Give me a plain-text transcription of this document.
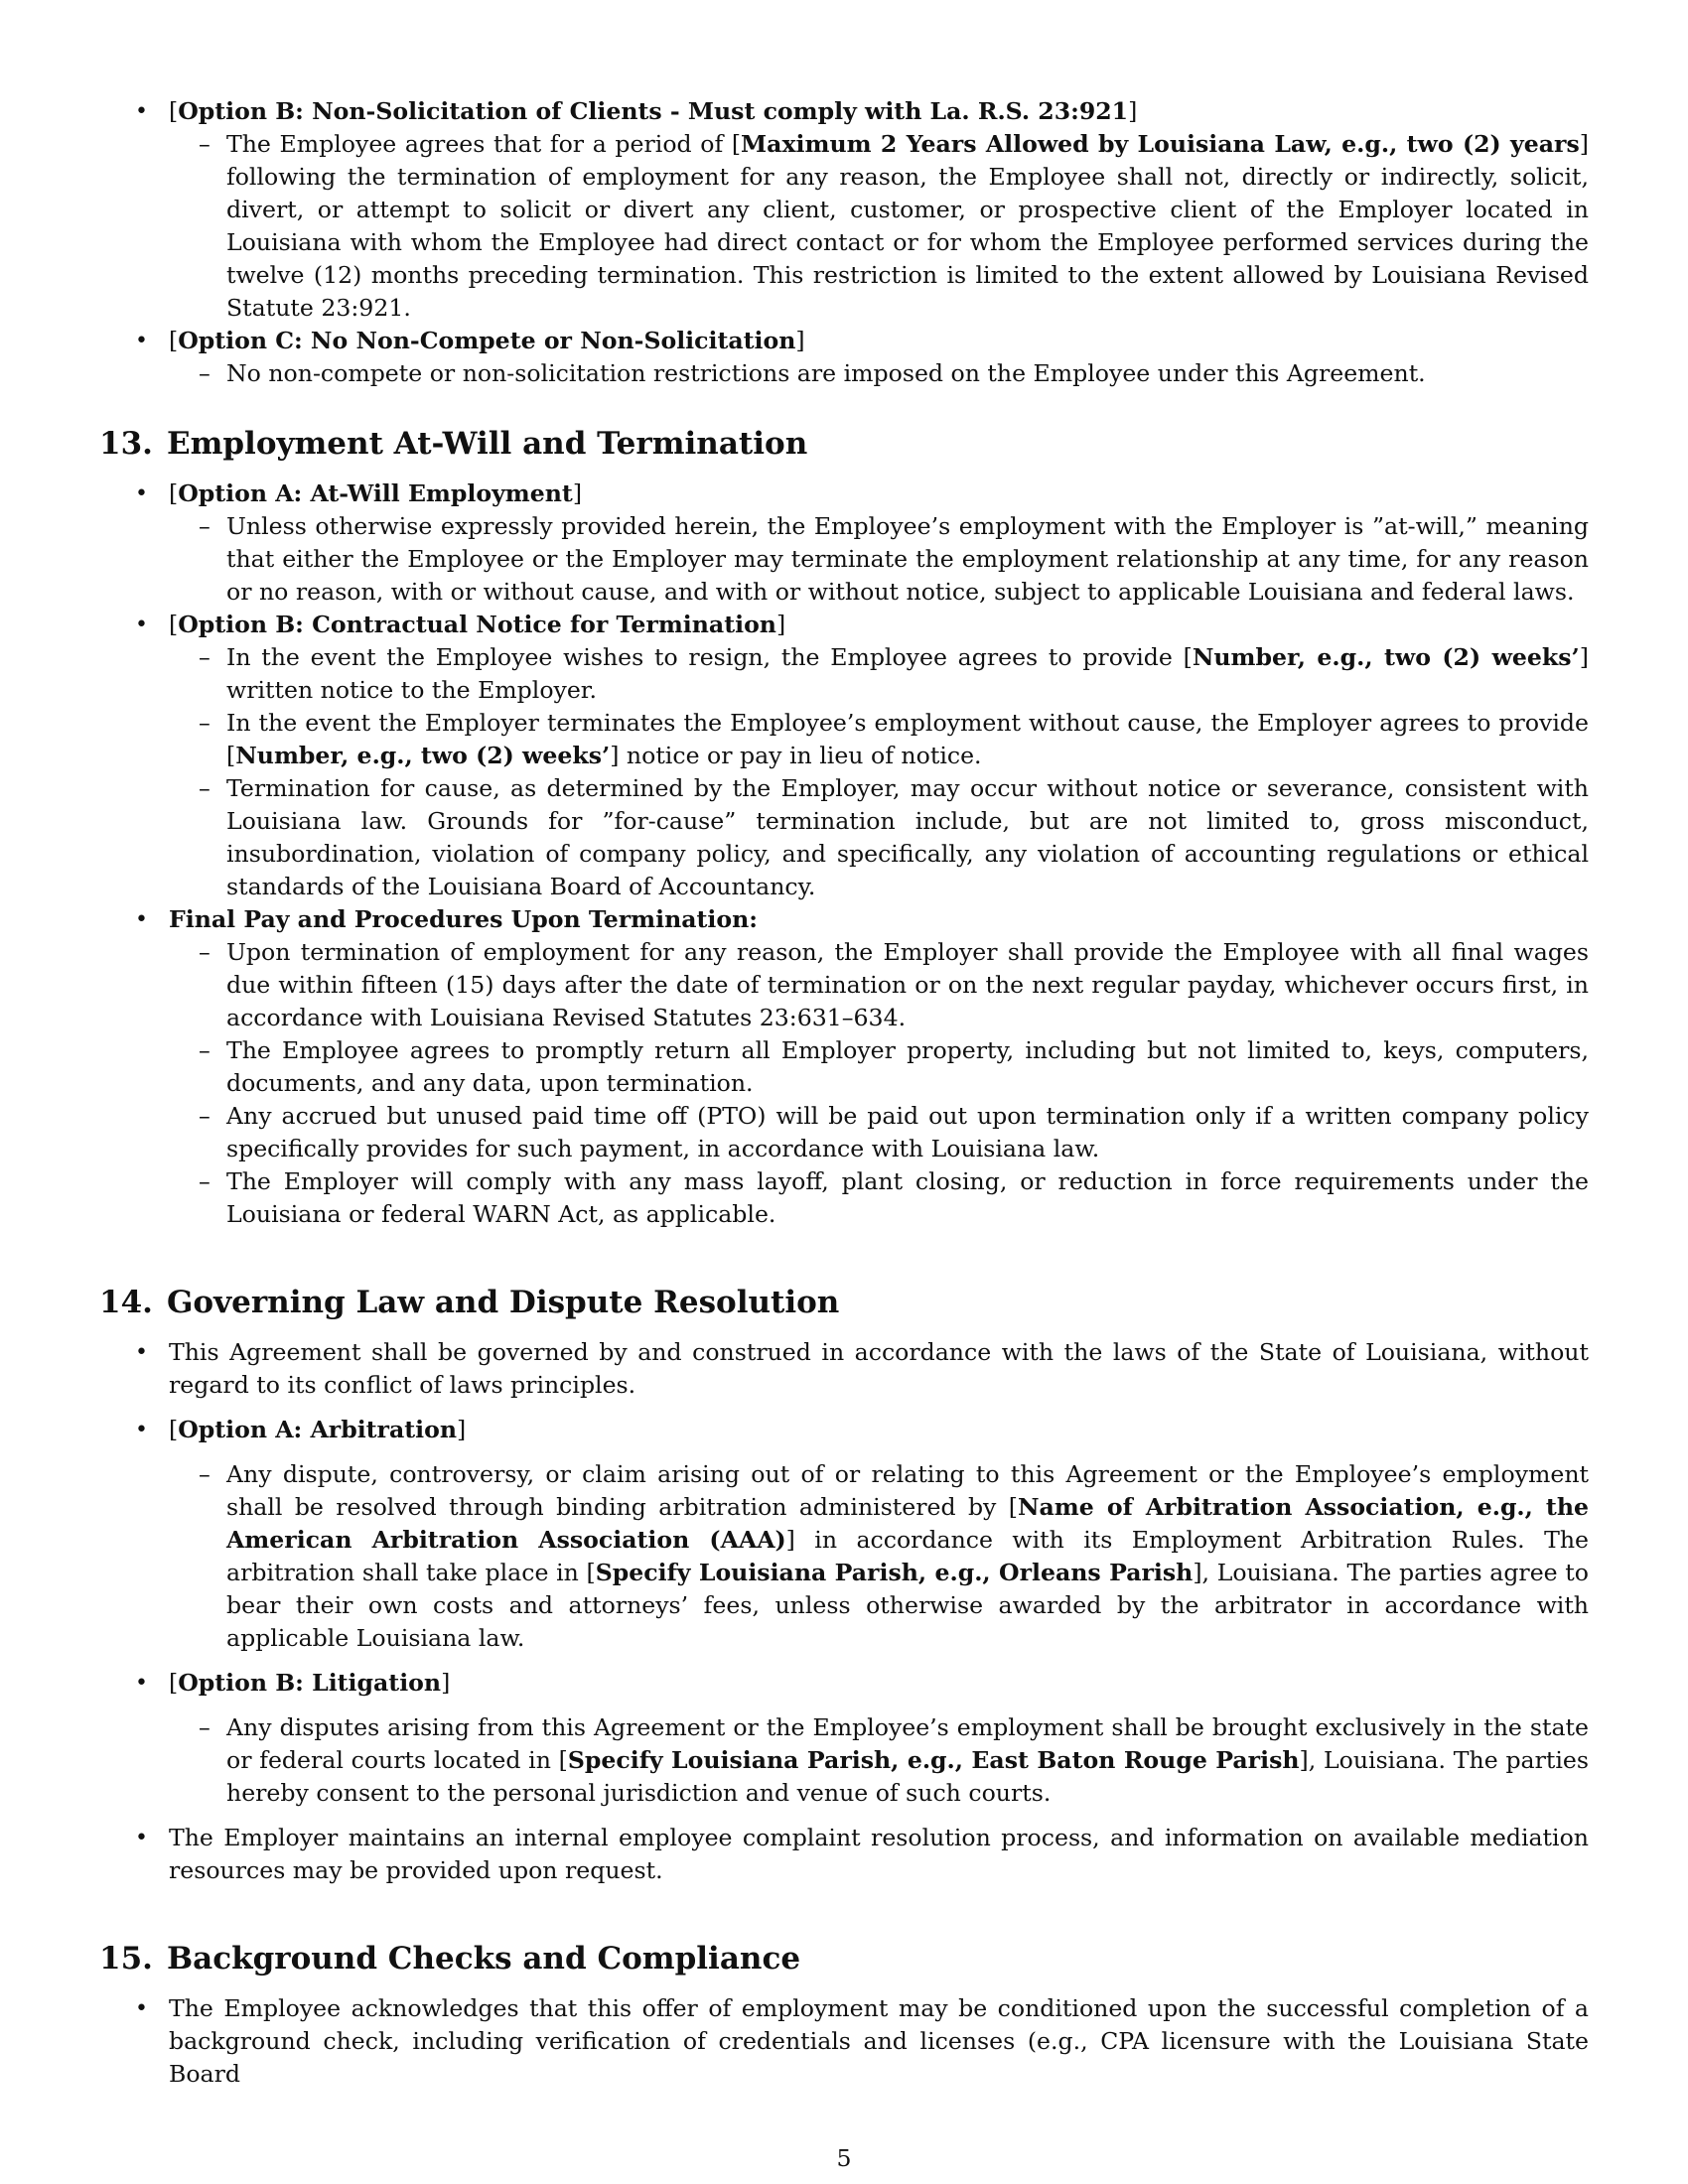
• [Option B: Non-Solicitation of Clients - Must comply with La. R.S. 23:921]
– The Employee agrees that for a period of [Maximum 2 Years Allowed by Louisiana Law, e.g., two (2) years] following the termination of employment for any reason, the Employee shall not, directly or indirectly, solicit, divert, or attempt to solicit or divert any client, customer, or prospective client of the Employer located in Louisiana with whom the Employee had direct contact or for whom the Employee performed services during the twelve (12) months preceding termination. This restriction is limited to the extent allowed by Louisiana Revised Statute 23:921.
• [Option C: No Non-Compete or Non-Solicitation]
– No non-compete or non-solicitation restrictions are imposed on the Employee under this Agreement.
13. Employment At-Will and Termination
• [Option A: At-Will Employment]
– Unless otherwise expressly provided herein, the Employee’s employment with the Employer is ”at-will,” meaning that either the Employee or the Employer may terminate the employment relationship at any time, for any reason or no reason, with or without cause, and with or without notice, subject to applicable Louisiana and federal laws.
• [Option B: Contractual Notice for Termination]
– In the event the Employee wishes to resign, the Employee agrees to provide [Number, e.g., two (2) weeks’] written notice to the Employer.
– In the event the Employer terminates the Employee’s employment without cause, the Employer agrees to provide [Number, e.g., two (2) weeks’] notice or pay in lieu of notice.
– Termination for cause, as determined by the Employer, may occur without notice or severance, consistent with Louisiana law. Grounds for ”for-cause” termination include, but are not limited to, gross misconduct, insubordination, violation of company policy, and specifically, any violation of accounting regulations or ethical standards of the Louisiana Board of Accountancy.
• Final Pay and Procedures Upon Termination:
– Upon termination of employment for any reason, the Employer shall provide the Employee with all final wages due within fifteen (15) days after the date of termination or on the next regular payday, whichever occurs first, in accordance with Louisiana Revised Statutes 23:631–634.
– The Employee agrees to promptly return all Employer property, including but not limited to, keys, computers, documents, and any data, upon termination.
– Any accrued but unused paid time off (PTO) will be paid out upon termination only if a written company policy specifically provides for such payment, in accordance with Louisiana law.
– The Employer will comply with any mass layoff, plant closing, or reduction in force requirements under the Louisiana or federal WARN Act, as applicable.
14. Governing Law and Dispute Resolution
• This Agreement shall be governed by and construed in accordance with the laws of the State of Louisiana, without regard to its conflict of laws principles.
• [Option A: Arbitration]
– Any dispute, controversy, or claim arising out of or relating to this Agreement or the Employee’s employment shall be resolved through binding arbitration administered by [Name of Arbitration Association, e.g., the American Arbitration Association (AAA)] in accordance with its Employment Arbitration Rules. The arbitration shall take place in [Specify Louisiana Parish, e.g., Orleans Parish], Louisiana. The parties agree to bear their own costs and attorneys’ fees, unless otherwise awarded by the arbitrator in accordance with applicable Louisiana law.
• [Option B: Litigation]
– Any disputes arising from this Agreement or the Employee’s employment shall be brought exclusively in the state or federal courts located in [Specify Louisiana Parish, e.g., East Baton Rouge Parish], Louisiana. The parties hereby consent to the personal jurisdiction and venue of such courts.
• The Employer maintains an internal employee complaint resolution process, and information on available mediation resources may be provided upon request.
15. Background Checks and Compliance
• The Employee acknowledges that this offer of employment may be conditioned upon the successful completion of a background check, including verification of credentials and licenses (e.g., CPA licensure with the Louisiana State Board
5
